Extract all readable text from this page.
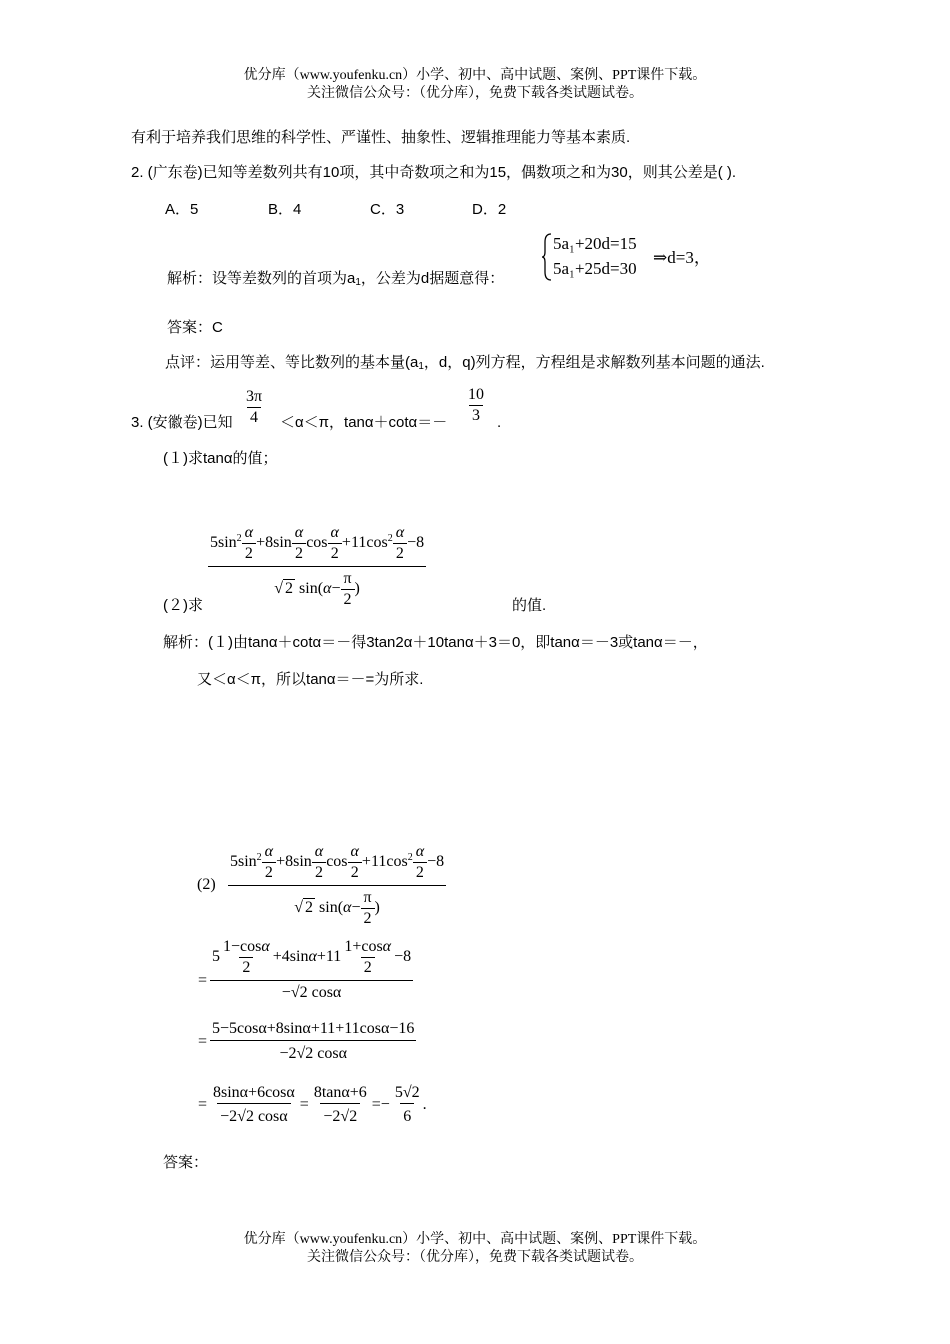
优分库（www.youfenku.cn）小学、初中、高中试题、案例、PPT课件下载。
关注微信公众号：（优分库），免费下载各类试题试卷。
有利于培养我们思维的科学性、严谨性、抽象性、逻辑推理能力等基本素质.
2. (广东卷)已知等差数列共有10项，其中奇数项之和为15，偶数项之和为30，则其公差是( ).
A．5	B．4	C．3	D．2
解析：设等差数列的首项为$a_1$，公差为d据题意得：
5a₁+20d=15
5a₁+25d=30
⇒d=3，
答案：C
点评：运用等差、等比数列的基本量($a_1$，d，q)列方程，方程组是求解数列基本问题的通法.
3. (安徽卷)已知 $\frac{3\pi}{4} <\alpha<\pi$，$\tan\alpha+\cot\alpha=- \frac{10}{3}$ .
(１)求tanα的值；
$\frac{5\sin^2 \frac{\alpha}{2} +8\sin \frac{\alpha}{2} \cos \frac{\alpha}{2} +11\cos^2 \frac{\alpha}{2} -8}{√ 2 \sin(\alpha- \frac{\pi}{2} )}$
(２)求	的值.
解析：(１)由tanα＋cotα＝－得3tan2α＋10tanα＋3＝0，即tanα＝－3或tanα＝－，
又＜α＜π，所以tanα＝－=为所求.
(2)
$5\sin^2 \frac{\alpha}{2} +8\sin \frac{\alpha}{2}$ $\cos \frac{\alpha}{2} +11\cos^2 \frac{\alpha}{2} -8$
√ 2 $\sin(\alpha- \frac{\pi}{2}$ )
=
$5 \frac{1-\cos\alpha}{2} +4\sin\alpha+11 \frac{1+\cos\alpha}{2} -8$
−√2 cosα
=
5−5cosα+8sinα+11+11cosα−16
−2√2 cosα
= $\frac{8\sin\alpha+6\cos\alpha}{-2√2 \cos\alpha} = \frac{8\tan\alpha+6}{-2√2} =- \frac{5√2}{6}$ .
答案：
优分库（www.youfenku.cn）小学、初中、高中试题、案例、PPT课件下载。
关注微信公众号：（优分库），免费下载各类试题试卷。
